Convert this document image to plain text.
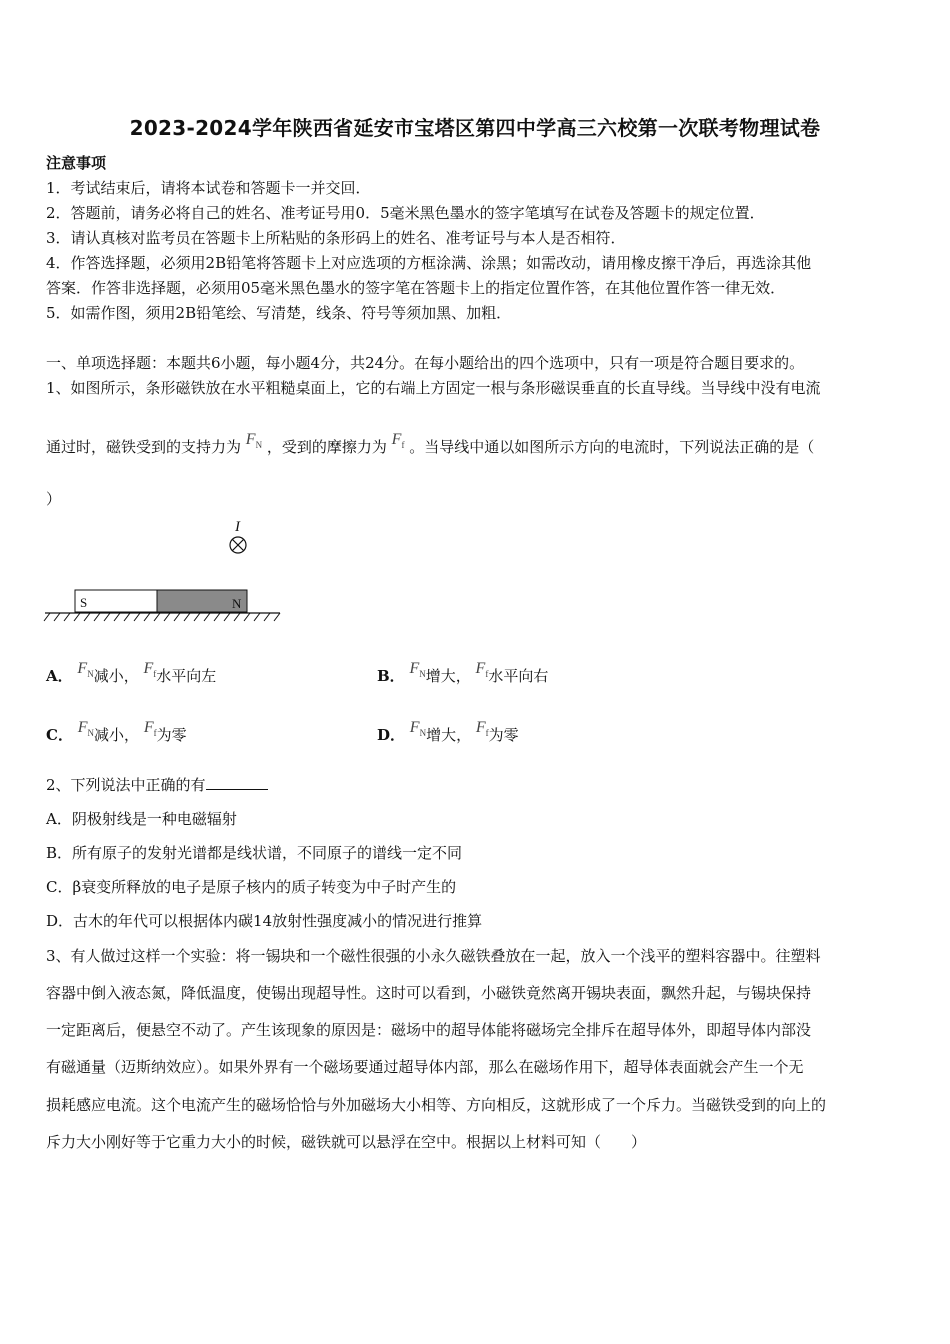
2023-2024学年陕西省延安市宝塔区第四中学高三六校第一次联考物理试卷
注意事项
1．考试结束后，请将本试卷和答题卡一并交回．
2．答题前，请务必将自己的姓名、准考证号用0．5毫米黑色墨水的签字笔填写在试卷及答题卡的规定位置．
3．请认真核对监考员在答题卡上所粘贴的条形码上的姓名、准考证号与本人是否相符．
4．作答选择题，必须用2B铅笔将答题卡上对应选项的方框涂满、涂黑；如需改动，请用橡皮擦干净后，再选涂其他
答案．作答非选择题，必须用05毫米黑色墨水的签字笔在答题卡上的指定位置作答，在其他位置作答一律无效．
5．如需作图，须用2B铅笔绘、写清楚，线条、符号等须加黑、加粗．
一、单项选择题：本题共6小题，每小题4分，共24分。在每小题给出的四个选项中，只有一项是符合题目要求的。
1、如图所示，条形磁铁放在水平粗糙桌面上，它的右端上方固定一根与条形磁误垂直的长直导线。当导线中没有电流
通过时，磁铁受到的支持力为 $F_N$ ，受到的摩擦力为 $F_f$ 。当导线中通以如图所示方向的电流时，下列说法正确的是（
）
I
S	N
A． $F_N$减小， $F_f$水平向左	B． $F_N$增大， $F_f$水平向右
C． $F_N$减小， $F_f$为零	D． $F_N$增大， $F_f$为零
2、下列说法中正确的有
A．阴极射线是一种电磁辐射
B．所有原子的发射光谱都是线状谱，不同原子的谱线一定不同
C．β衰变所释放的电子是原子核内的质子转变为中子时产生的
D．古木的年代可以根据体内碳14放射性强度减小的情况进行推算
3、有人做过这样一个实验：将一锡块和一个磁性很强的小永久磁铁叠放在一起，放入一个浅平的塑料容器中。往塑料
容器中倒入液态氮，降低温度，使锡出现超导性。这时可以看到，小磁铁竟然离开锡块表面，飘然升起，与锡块保持
一定距离后，便悬空不动了。产生该现象的原因是：磁场中的超导体能将磁场完全排斥在超导体外，即超导体内部没
有磁通量（迈斯纳效应）。如果外界有一个磁场要通过超导体内部，那么在磁场作用下，超导体表面就会产生一个无
损耗感应电流。这个电流产生的磁场恰恰与外加磁场大小相等、方向相反，这就形成了一个斥力。当磁铁受到的向上的
斥力大小刚好等于它重力大小的时候，磁铁就可以悬浮在空中。根据以上材料可知（　　）
